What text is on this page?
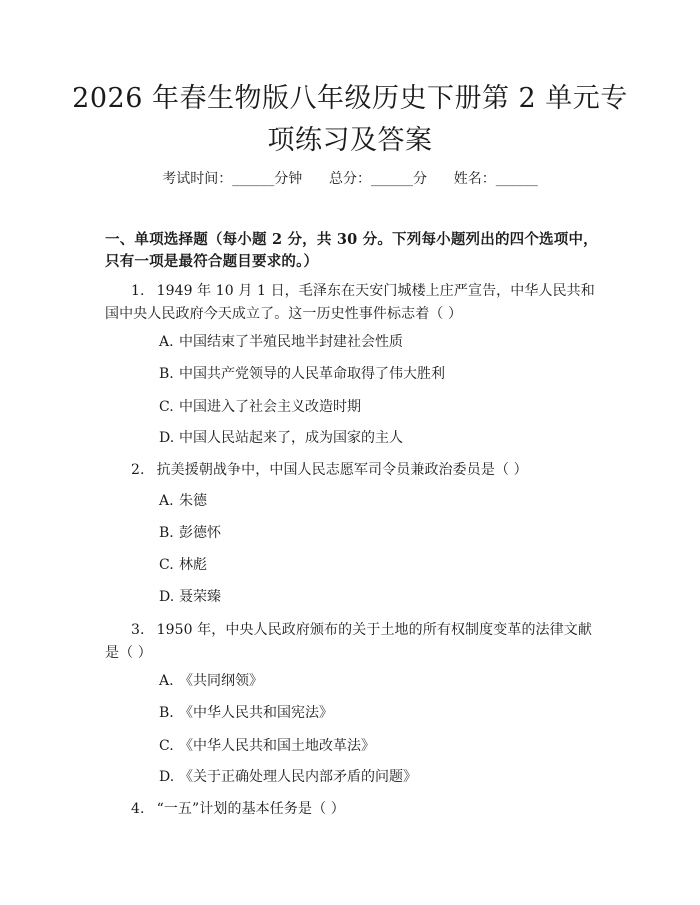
2026 年春生物版八年级历史下册第 2 单元专项练习及答案
考试时间：______分钟      总分：______分      姓名：______
一、单项选择题（每小题 2 分，共 30 分。下列每小题列出的四个选项中，只有一项是最符合题目要求的。）
1. 1949 年 10 月 1 日，毛泽东在天安门城楼上庄严宣告，中华人民共和国中央人民政府今天成立了。这一历史性事件标志着（ ）
A. 中国结束了半殖民地半封建社会性质
B. 中国共产党领导的人民革命取得了伟大胜利
C. 中国进入了社会主义改造时期
D. 中国人民站起来了，成为国家的主人
2. 抗美援朝战争中，中国人民志愿军司令员兼政治委员是（ ）
A. 朱德
B. 彭德怀
C. 林彪
D. 聂荣臻
3. 1950 年，中央人民政府颁布的关于土地的所有权制度变革的法律文献是（ ）
A. 《共同纲领》
B. 《中华人民共和国宪法》
C. 《中华人民共和国土地改革法》
D. 《关于正确处理人民内部矛盾的问题》
4. “一五”计划的基本任务是（ ）
